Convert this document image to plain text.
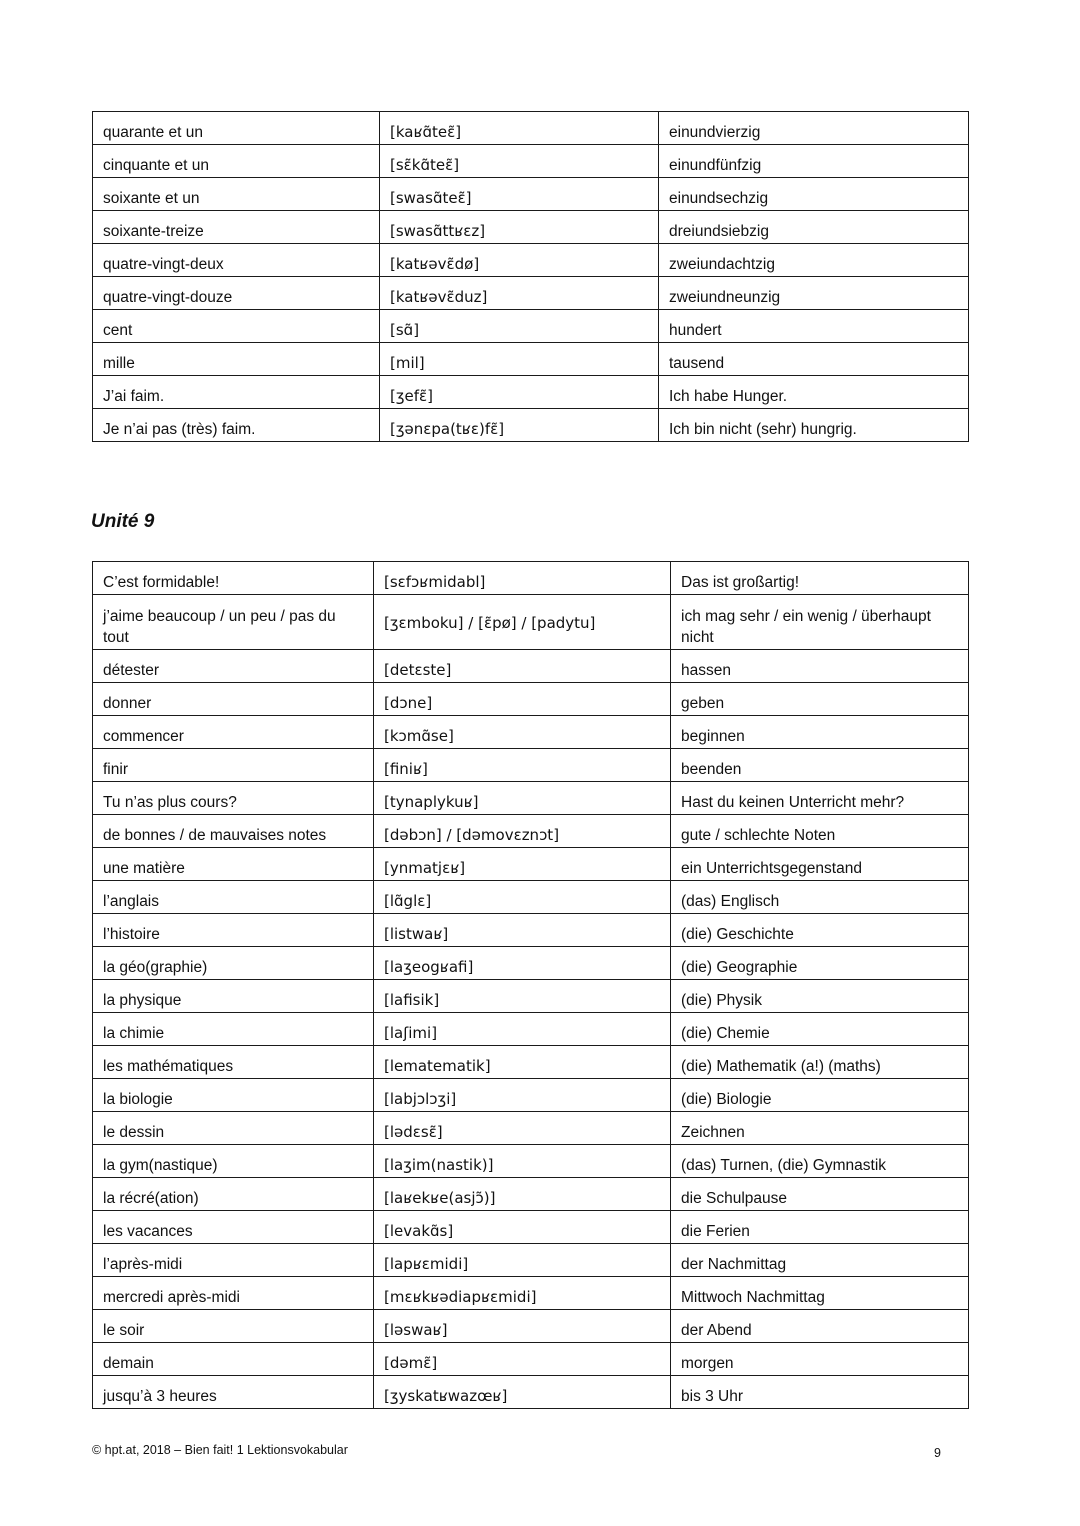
quarante et un	[kaʁɑ̃teɛ̃]	einundvierzig
cinquante et un	[sɛ̃kɑ̃teɛ̃]	einundfünfzig
soixante et un	[swasɑ̃teɛ̃]	einundsechzig
soixante-treize	[swasɑ̃ttʁɛz]	dreiundsiebzig
quatre-vingt-deux	[katʁəvɛ̃dø]	zweiundachtzig
quatre-vingt-douze	[katʁəvɛ̃duz]	zweiundneunzig
cent	[sɑ̃]	hundert
mille	[mil]	tausend
J’ai faim.	[ʒefɛ̃]	Ich habe Hunger.
Je n’ai pas (très) faim.	[ʒənɛpa(tʁɛ)fɛ̃]	Ich bin nicht (sehr) hungrig.
Unité 9
C’est formidable!	[sɛfɔʁmidabl]	Das ist großartig!
j’aime beaucoup / un peu / pas du tout	[ʒɛmboku] / [ɛ̃pø] / [padytu]	ich mag sehr / ein wenig / überhaupt nicht
détester	[detɛste]	hassen
donner	[dɔne]	geben
commencer	[kɔmɑ̃se]	beginnen
finir	[finiʁ]	beenden
Tu n’as plus cours?	[tynaplykuʁ]	Hast du keinen Unterricht mehr?
de bonnes / de mauvaises notes	[dəbɔn] / [dəmovɛznɔt]	gute / schlechte Noten
une matière	[ynmatjɛʁ]	ein Unterrichtsgegenstand
l’anglais	[lɑ̃glɛ]	(das) Englisch
l’histoire	[listwaʁ]	(die) Geschichte
la géo(graphie)	[laʒeogʁafi]	(die) Geographie
la physique	[lafisik]	(die) Physik
la chimie	[laʃimi]	(die) Chemie
les mathématiques	[lematematik]	(die) Mathematik (a!) (maths)
la biologie	[labjɔlɔʒi]	(die) Biologie
le dessin	[lədɛsɛ̃]	Zeichnen
la gym(nastique)	[laʒim(nastik)]	(das) Turnen, (die) Gymnastik
la récré(ation)	[laʁekʁe(asjɔ̃)]	die Schulpause
les vacances	[levakɑ̃s]	die Ferien
l’après-midi	[lapʁɛmidi]	der Nachmittag
mercredi après-midi	[mɛʁkʁədiapʁɛmidi]	Mittwoch Nachmittag
le soir	[ləswaʁ]	der Abend
demain	[dəmɛ̃]	morgen
jusqu’à 3 heures	[ʒyskatʁwazœʁ]	bis 3 Uhr
© hpt.at, 2018 – Bien fait! 1 Lektionsvokabular	9
